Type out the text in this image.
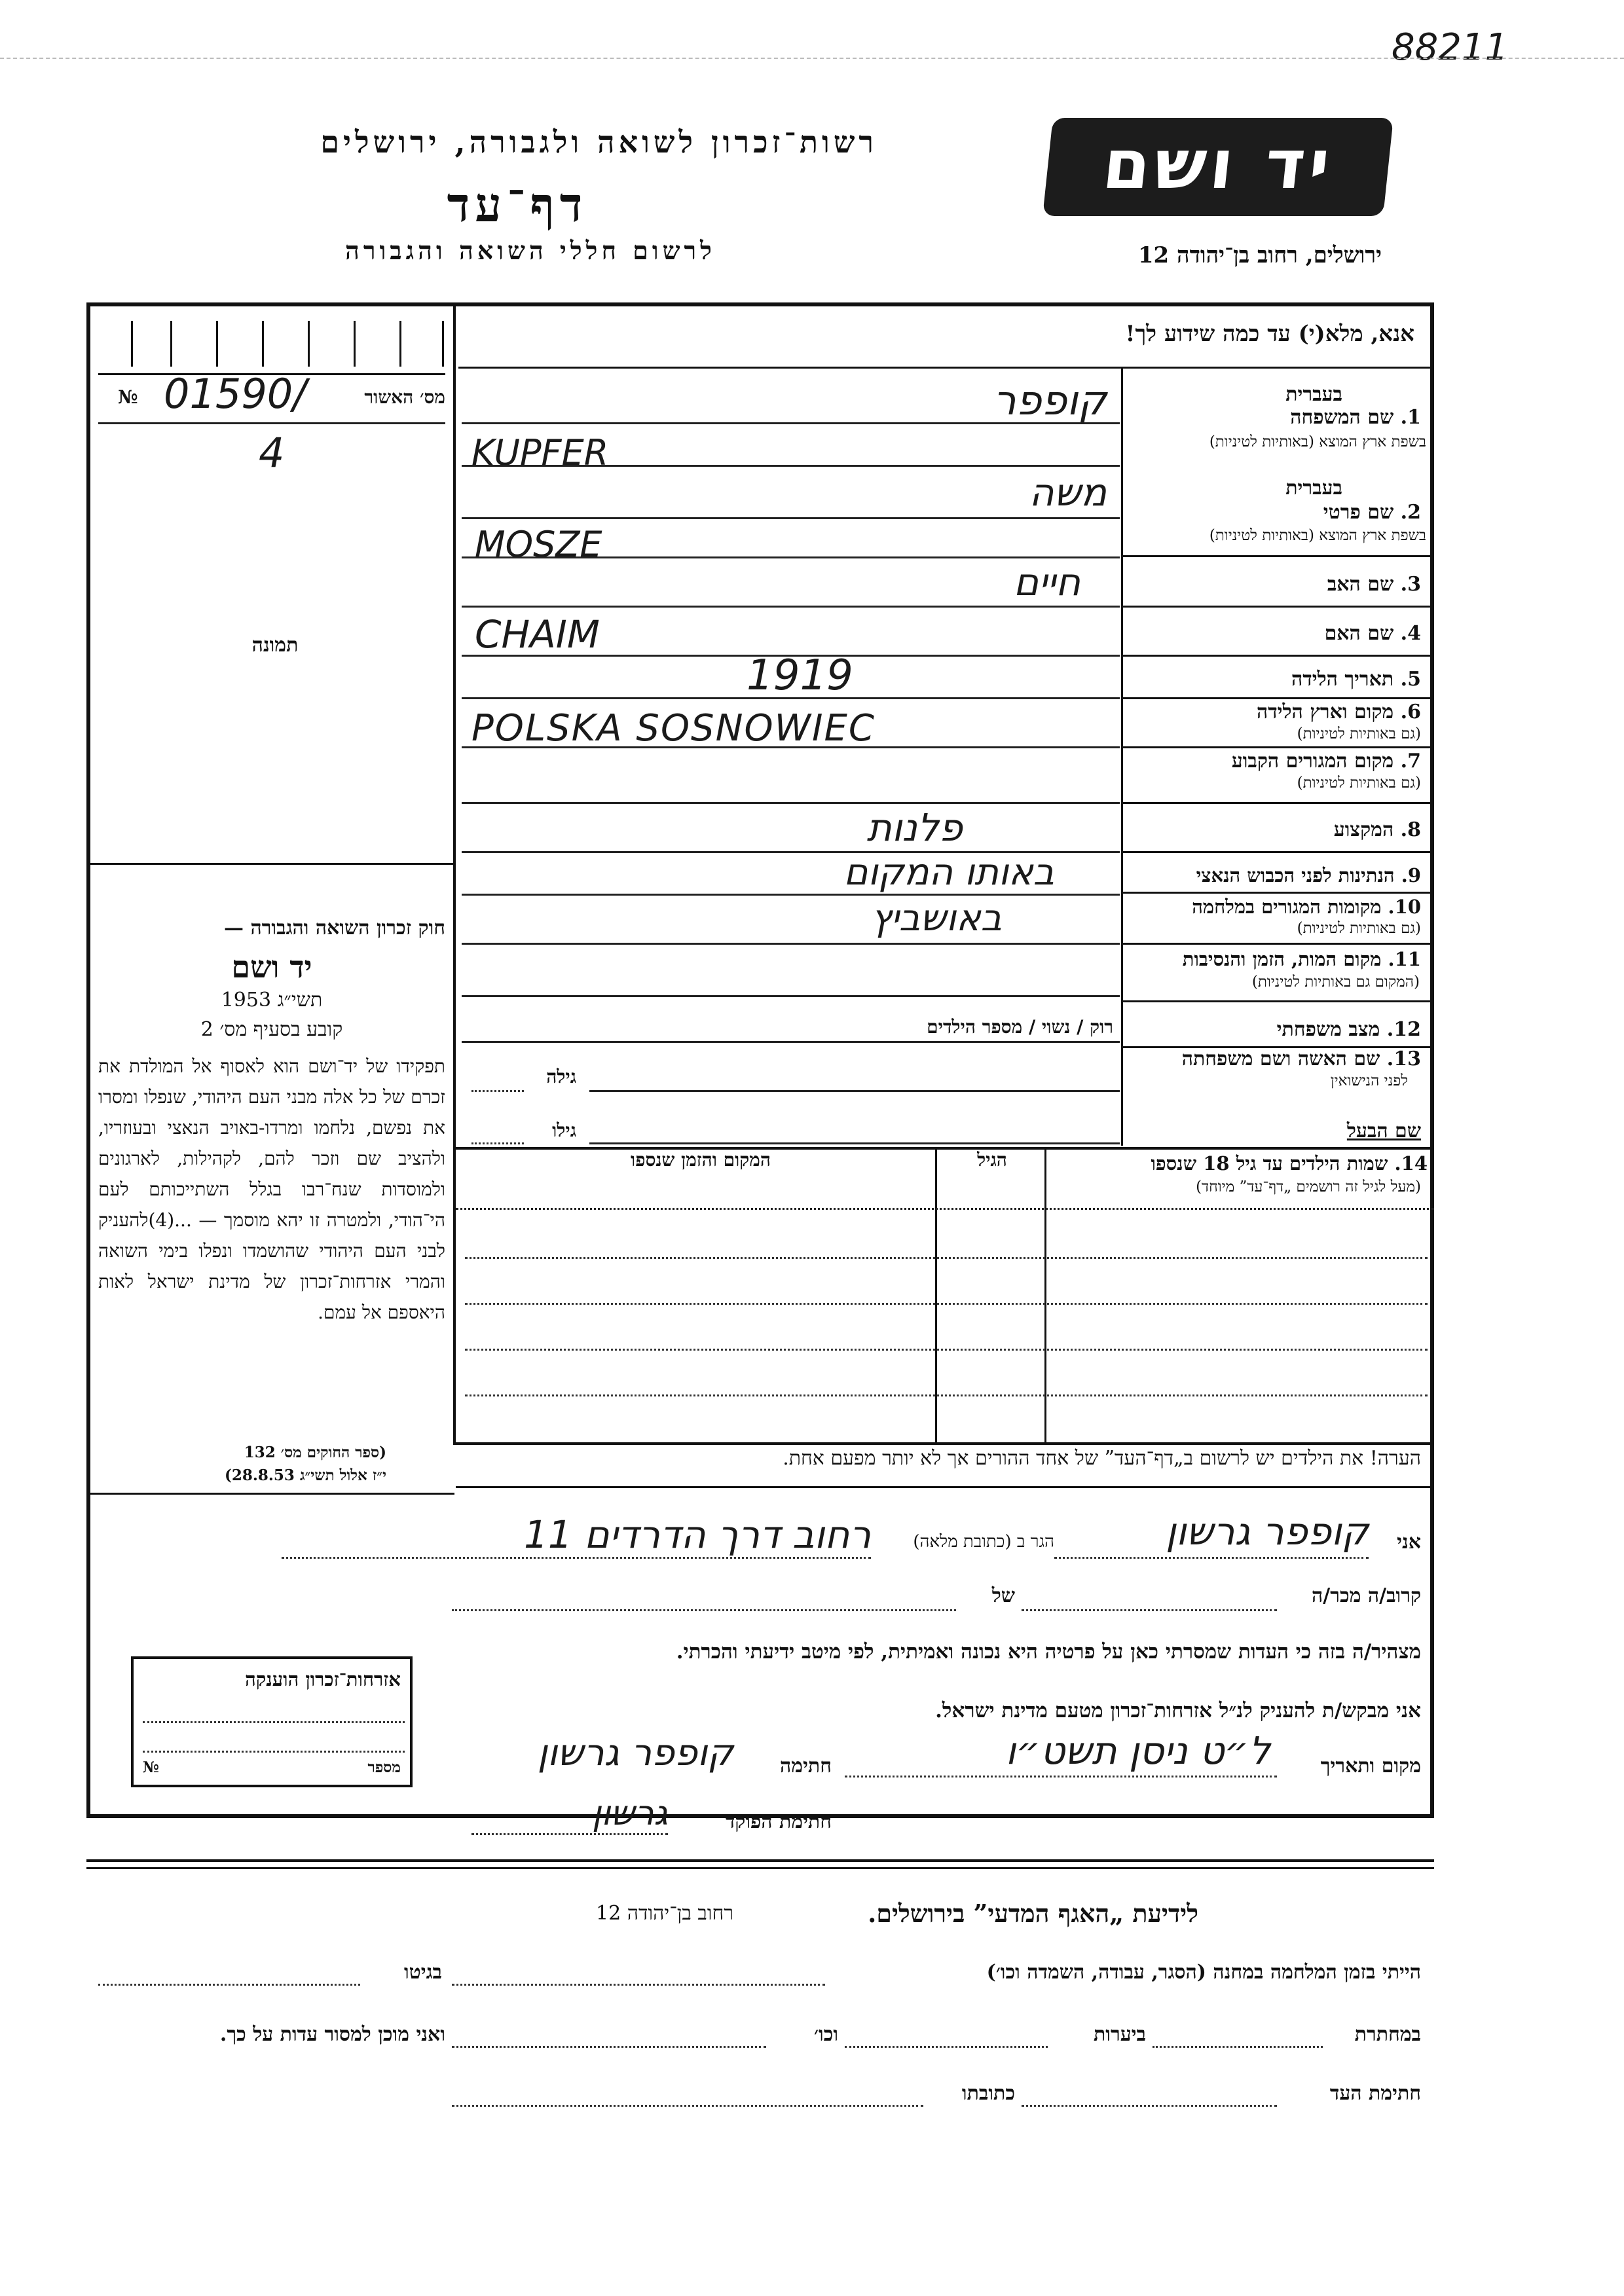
88211
רשות־זכרון לשואה ולגבורה, ירושלים
דף־עד
לרשום חללי השואה והגבורה
יד ושם
ירושלים, רחוב בן־יהודה 12
אנא, מלא(י) עד כמה שידוע לך!
№ 01590/	מס׳ האשור
4
תמונה
בעברית
1. שם המשפחה
בשפת ארץ המוצא (באותיות לטיניות)
קופפר
KUPFER
בעברית
2. שם פרטי
בשפת ארץ המוצא (באותיות לטיניות)
משה
MOSZE
3. שם האב
חיים
4. שם האם
CHAIM
5. תאריך הלידה
1919
6. מקום וארץ הלידה
(גם באותיות לטיניות)
POLSKA SOSNOWIEC
7. מקום המגורים הקבוע
(גם באותיות לטיניות)
8. המקצוע
פלנות
9. הנתינות לפני הכבוש הנאצי
באותו המקום
10. מקומות המגורים במלחמה
(גם באותיות לטיניות)
באושביץ
11. מקום המות, הזמן והנסיבות
(המקום גם באותיות לטיניות)
12. מצב משפחתי
רוק / נשוי / מספר הילדים
13. שם האשה ושם משפחתה
לפני הנישואין
גילה
שם הבעל
גילו
14. שמות הילדים עד גיל 18 שנספו
(מעל לגיל זה רושמים „דף־עד” מיוחד)
הגיל
המקום והזמן שנספו
הערה! את הילדים יש לרשום ב„דף־העד” של אחד ההורים אך לא יותר מפעם אחת.
חוק זכרון השואה והגבורה —
יד ושם
תשי״ג 1953
קובע בסעיף מס׳ 2
תפקידו של יד־ושם הוא לאסוף אל המולדת את זכרם של כל אלה מבני העם היהודי, שנפלו ומסרו את נפשם, נלחמו ומרדו-באויב הנאצי ובעוזריו, ולהציב שם וזכר להם, לקהילות, לארגונים ולמוסדות שנח־רבו בגלל השתייכותם לעם הי־הודי, ולמטרה זו יהא מוסמך — ...(4)להעניק לבני העם היהודי שהושמדו ונפלו בימי השואה והמרי אזרחות־זכרון של מדינת ישראל לאות היאספם אל עמם.
(ספר החוקים מס׳ 132
י״ז אלול תשי״ג 28.8.53)
אני
קופפר גרשון
הגר ב (כתובת מלאה)
רחוב דרך הדרדים 11
קרוב/ה מכר/ה
של
מצהיר/ה בזה כי העדות שמסרתי כאן על פרטיה היא נכונה ואמיתית, לפי מיטב ידיעתי והכרתי.
אני מבקש/ת להעניק לנ״ל אזרחות־זכרון מטעם מדינת ישראל.
מקום ותאריך
ל״ט ניסן תשט״ו
חתימה
קופפר גרשון
חתימת הפוקד
גרשון
אזרחות־זכרון הוענקה
מספר
№
לידיעת „האגף המדעי” בירושלים.
רחוב בן־יהודה 12
הייתי בזמן המלחמה במחנה (הסגר, עבודה, השמדה וכו׳)
בגיטו
במחתרת
ביערות
וכו׳
ואני מוכן למסור עדות על כך.
חתימת העד
כתובתו
